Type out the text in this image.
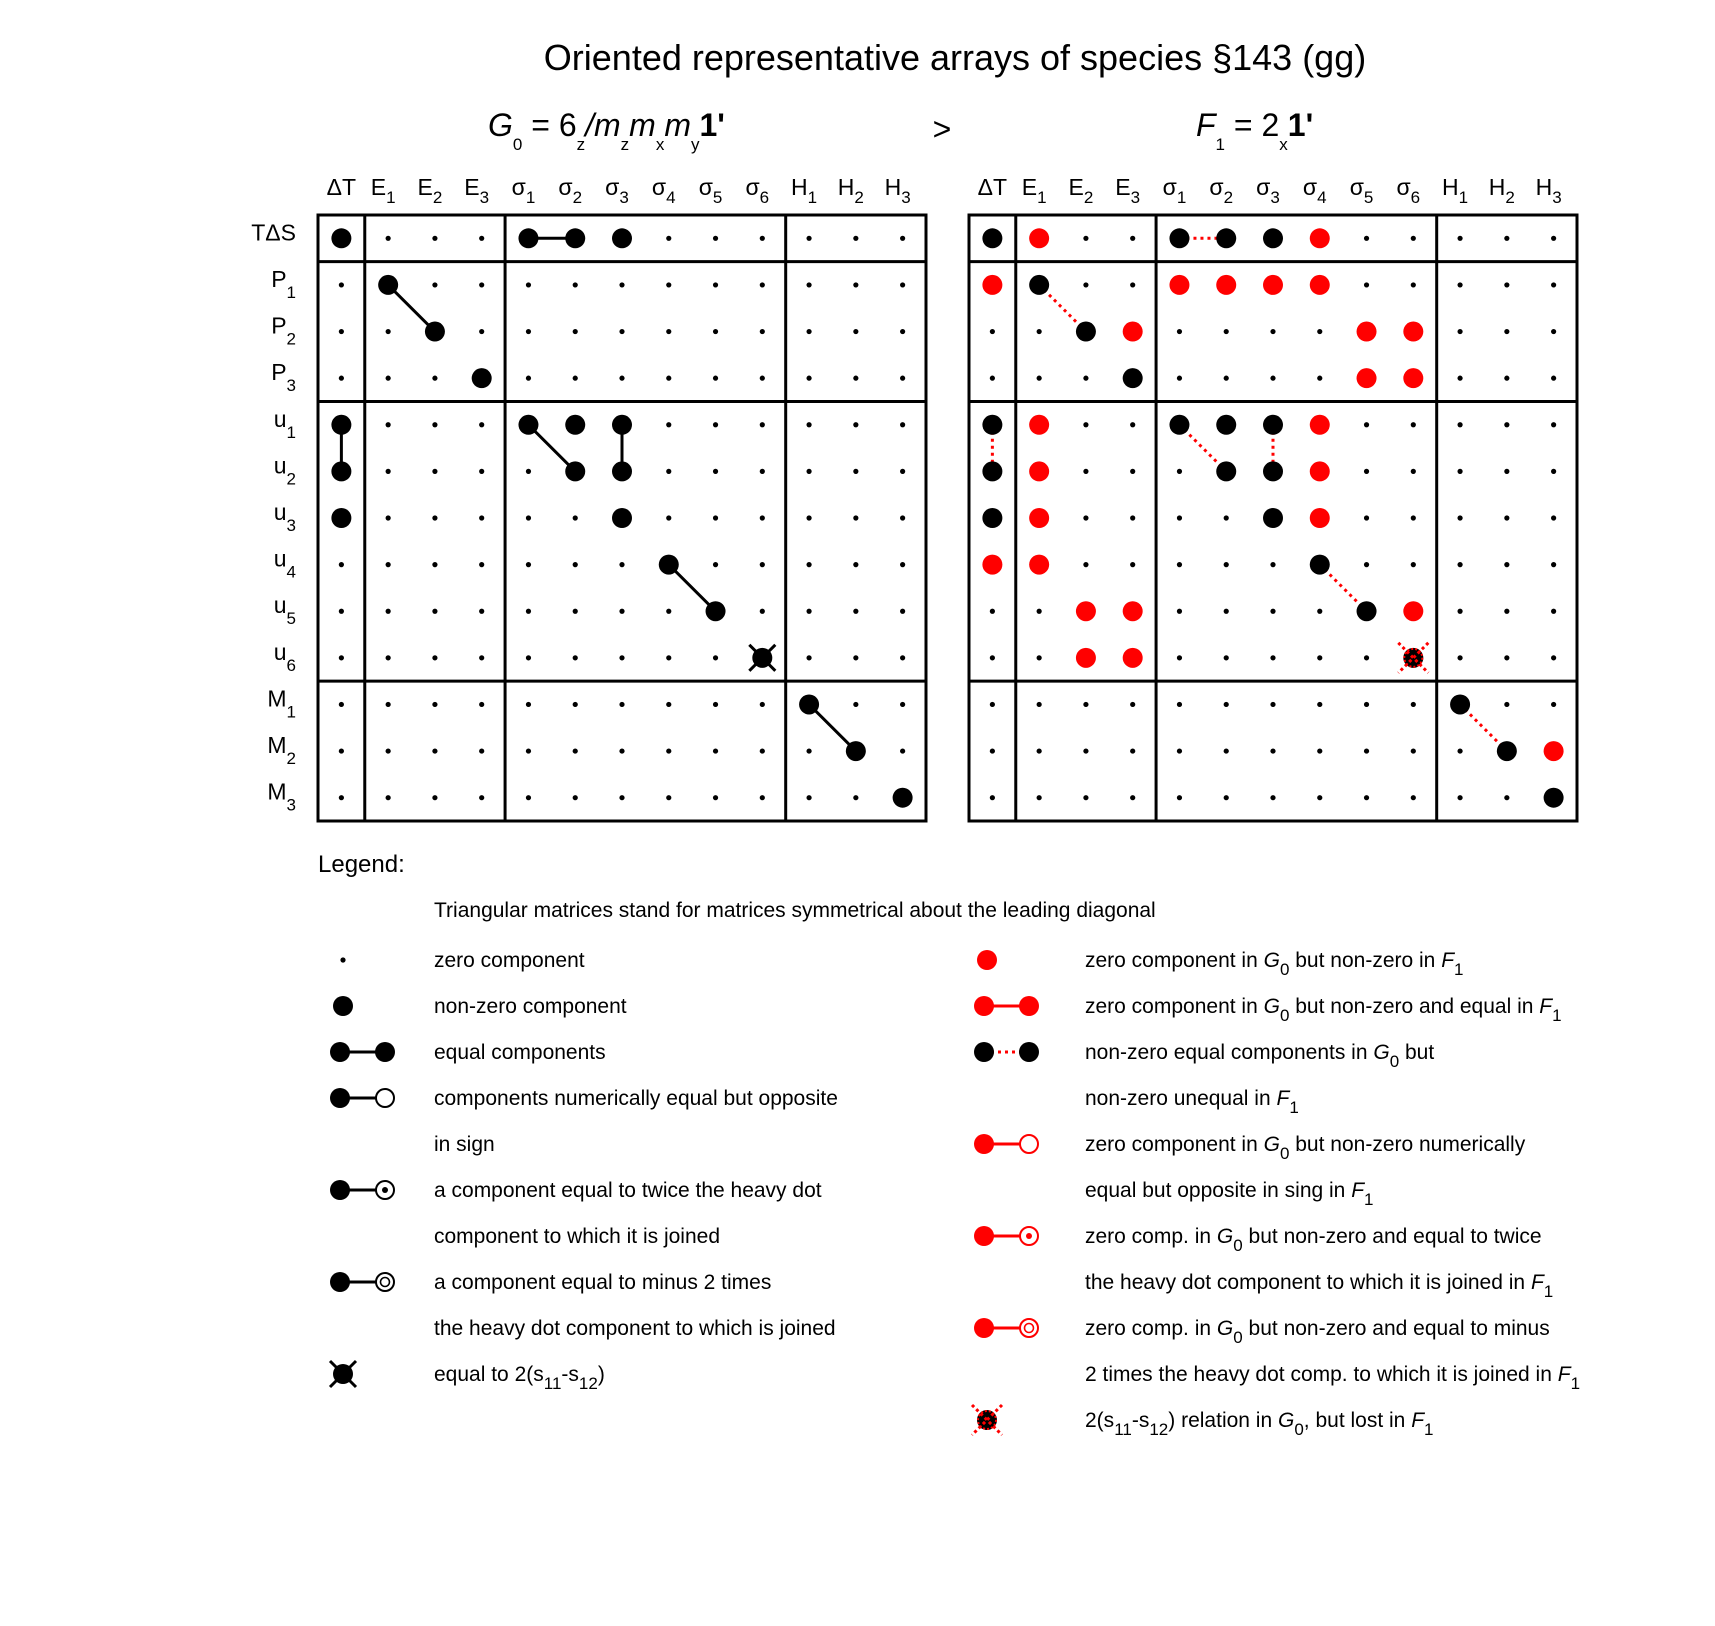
Oriented representative arrays of species §143 (gg)
>
ΔT $E_1$ $E_2$ $E_3$ $\sigma_1$ $\sigma_2$ $\sigma_3$ $\sigma_4$ $\sigma_5$ $\sigma_6$ $H_1$ $H_2$ $H_3$
TΔS
$P_1$
$P_2$
$P_3$
$u_1$
$u_2$
$u_3$
$u_4$
$u_5$
$u_6$
$M_1$
$M_2$
$M_3$
$G_0 = 6_z/m_zm_xm_y1'$
ΔT $E_1$ $E_2$ $E_3$ $\sigma_1$ $\sigma_2$ $\sigma_3$ $\sigma_4$ $\sigma_5$ $\sigma_6$ $H_1$ $H_2$ $H_3$
$F_1 = 2_x1'$
Legend:
Triangular matrices stand for matrices symmetrical about the leading diagonal
zero component
non-zero component
equal components
components numerically equal but opposite
in sign
a component equal to twice the heavy dot
component to which it is joined
a component equal to minus 2 times
the heavy dot component to which is joined
equal to $2(s_{11}-s_{12})$
zero component in $G_0$ but non-zero in $F_1$
zero component in $G_0$ but non-zero and equal in $F_1$
non-zero equal components in $G_0$ but
non-zero unequal in $F_1$
zero component in $G_0$ but non-zero numerically
equal but opposite in sing in $F_1$
zero comp. in $G_0$ but non-zero and equal to twice
the heavy dot component to which it is joined in $F_1$
zero comp. in $G_0$ but non-zero and equal to minus
2 times the heavy dot comp. to which it is joined in $F_1$
$2(s_{11}-s_{12})$ relation in $G_0$, but lost in $F_1$
